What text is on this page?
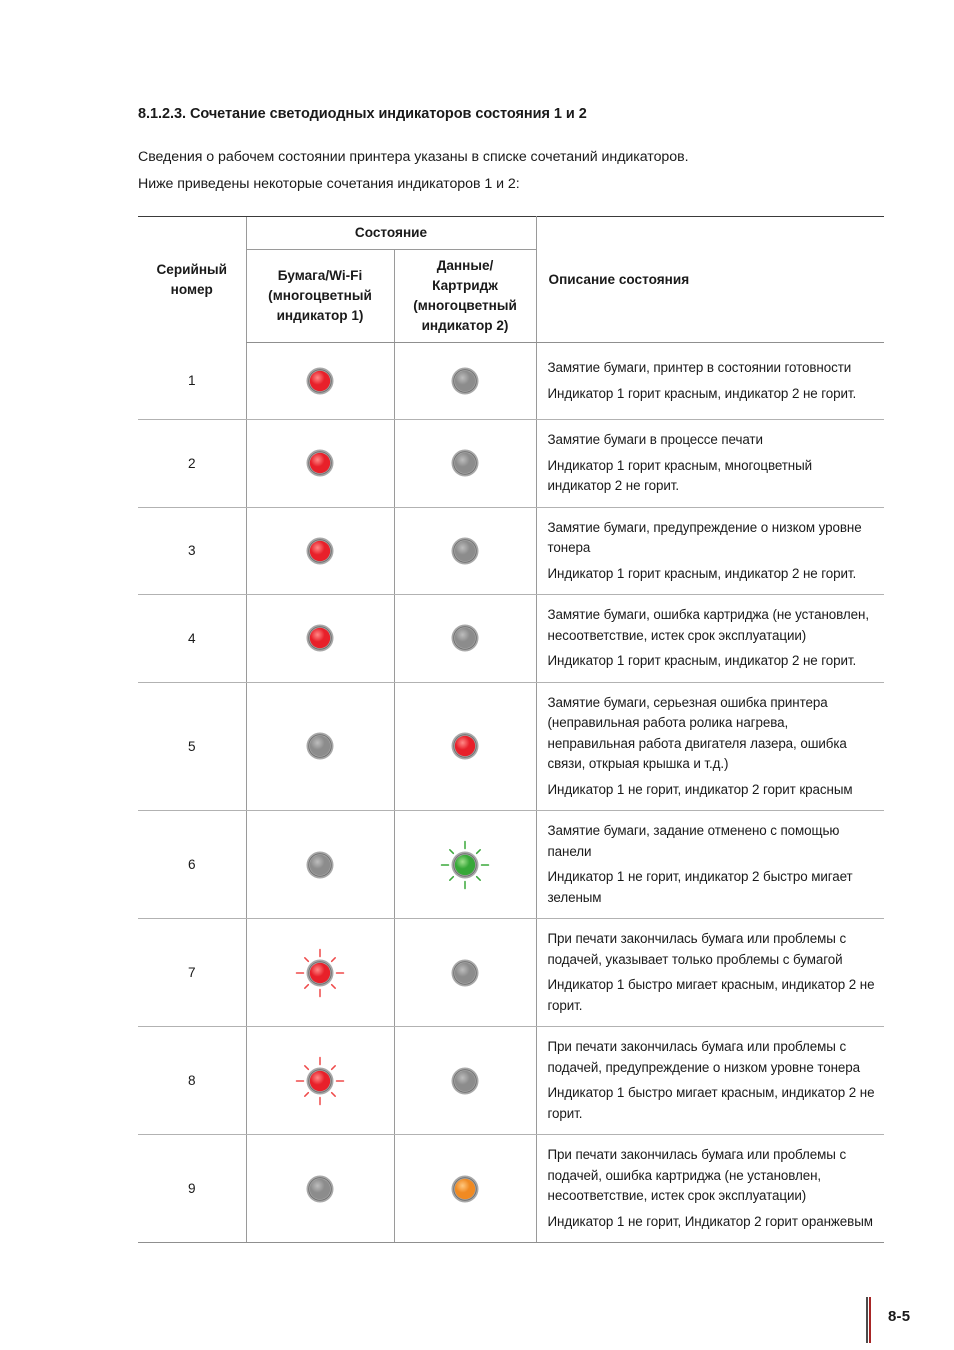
8.1.2.3. Сочетание светодиодных индикаторов состояния 1 и 2

Сведения о рабочем состоянии принтера указаны в списке сочетаний индикаторов.
Ниже приведены некоторые сочетания индикаторов 1 и 2:

Серийный
номер	Состояние		Описание состояния
	Бумага/Wi-Fi
(многоцветный
индикатор 1)	Данные/
Картридж
(многоцветный
индикатор 2)	
1			Замятие бумаги, принтер в состоянии готовности

Индикатор 1 горит красным, индикатор 2 не горит.

2			Замятие бумаги в процессе печати

Индикатор 1 горит красным, многоцветный индикатор 2 не горит.

3			Замятие бумаги, предупреждение о низком уровне тонера

Индикатор 1 горит красным, индикатор 2 не горит.

4			Замятие бумаги, ошибка картриджа (не установлен, несоответствие, истек срок эксплуатации)

Индикатор 1 горит красным, индикатор 2 не горит.

5			Замятие бумаги, серьезная ошибка принтера (неправильная работа ролика нагрева, неправильная работа двигателя лазера, ошибка связи, открыая крышка и т.д.)

Индикатор 1 не горит, индикатор 2 горит красным

6			Замятие бумаги, задание отменено с помощью панели

Индикатор 1 не горит, индикатор 2 быстро мигает зеленым

7			При печати закончилась бумага или проблемы с подачей, указывает только проблемы с бумагой

Индикатор 1 быстро мигает красным, индикатор 2 не горит.

8			При печати закончилась бумага или проблемы с подачей, предупреждение о низком уровне тонера

Индикатор 1 быстро мигает красным, индикатор 2 не горит.

9			При печати закончилась бумага или проблемы с подачей, ошибка картриджа (не установлен, несоответствие, истек срок эксплуатации)

Индикатор 1 не горит, Индикатор 2 горит оранжевым

8-5
